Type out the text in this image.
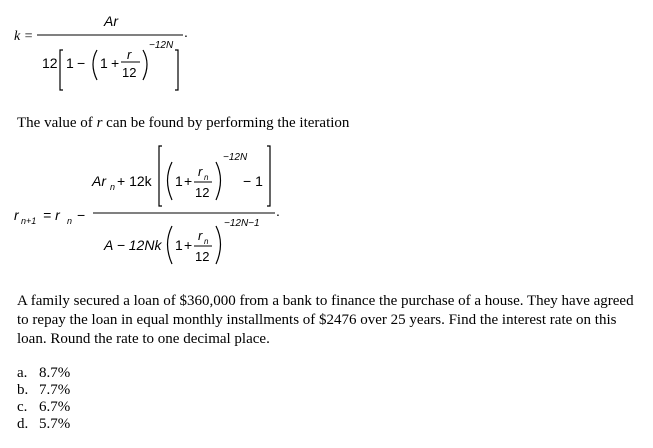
k =
Ar
12 1 − 1 +
r
12
−12N
.
The value of r can be found by performing the iteration
r n+1 = r n −
Ar n + 12k 1 +
r n
12
−12N
− 1
A − 12Nk 1 +
r n
12
−12N−1
.
A family secured a loan of $360,000 from a bank to finance the purchase of a house. They have agreed to repay the loan in equal monthly installments of $2476 over 25 years. Find the interest rate on this loan. Round the rate to one decimal place.
a. 8.7%
b. 7.7%
c. 6.7%
d. 5.7%
